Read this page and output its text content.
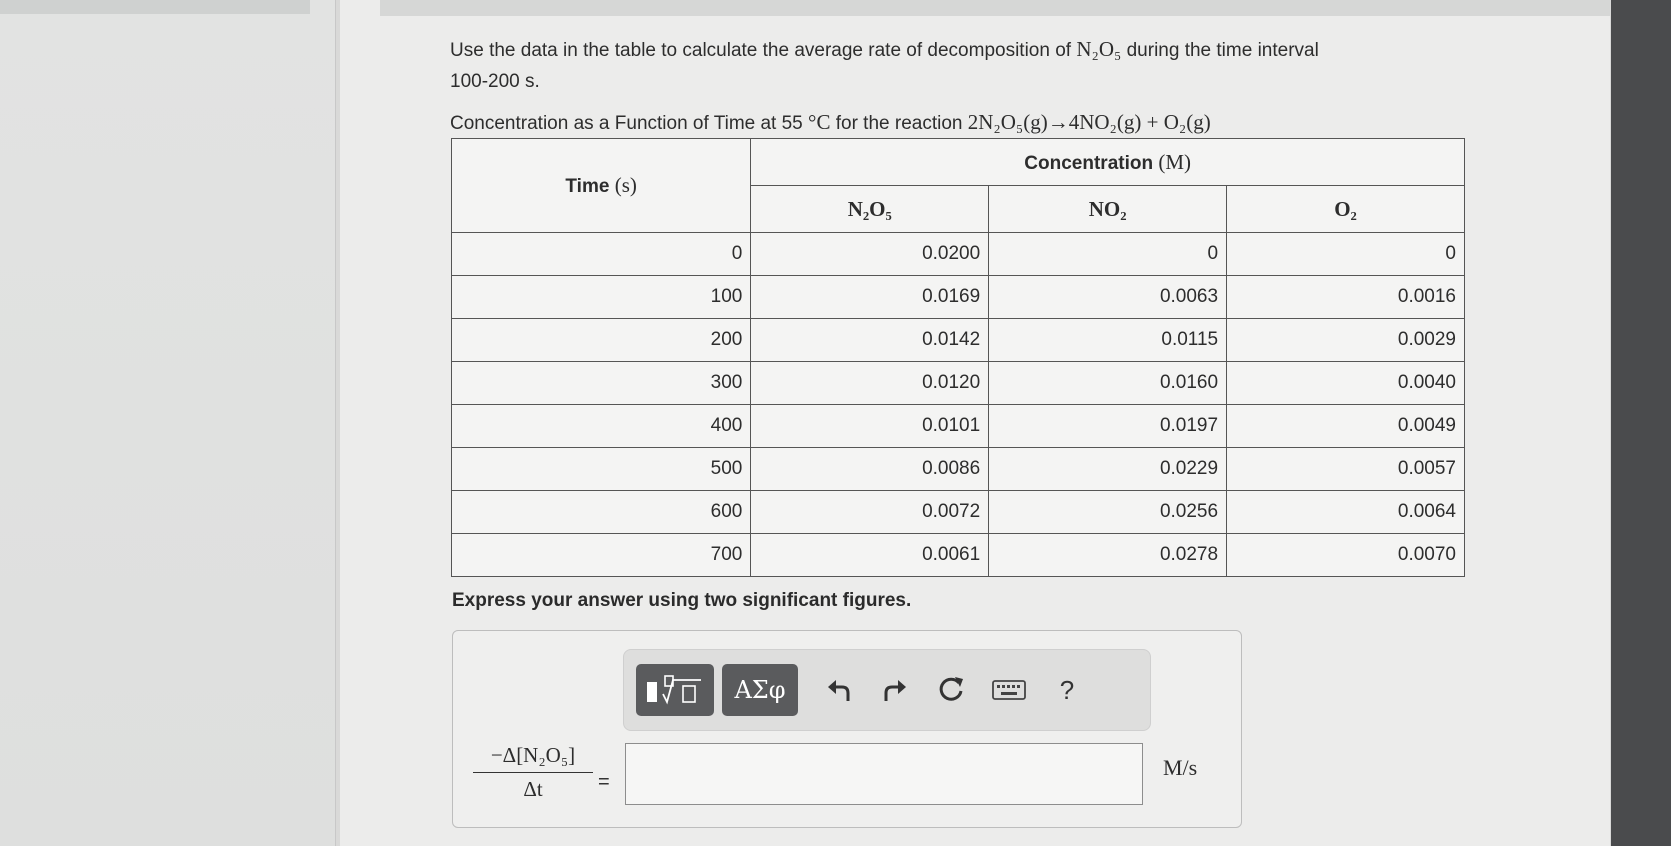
Use the data in the table to calculate the average rate of decomposition of N₂O₅ during the time interval
100-200 s.
Concentration as a Function of Time at 55 °C for the reaction 2N₂O₅(g)→4NO₂(g) + O₂(g)
Time (s)	Concentration (M)		
	N₂O₅	NO₂	O₂
0	0.0200	0	0
100	0.0169	0.0063	0.0016
200	0.0142	0.0115	0.0029
300	0.0120	0.0160	0.0040
400	0.0101	0.0197	0.0049
500	0.0086	0.0229	0.0057
600	0.0072	0.0256	0.0064
700	0.0061	0.0278	0.0070
Express your answer using two significant figures.
ΑΣφ	?
$\frac{\text{−Δ[N₂O₅]}}{\Delta t}$ =
M/s
